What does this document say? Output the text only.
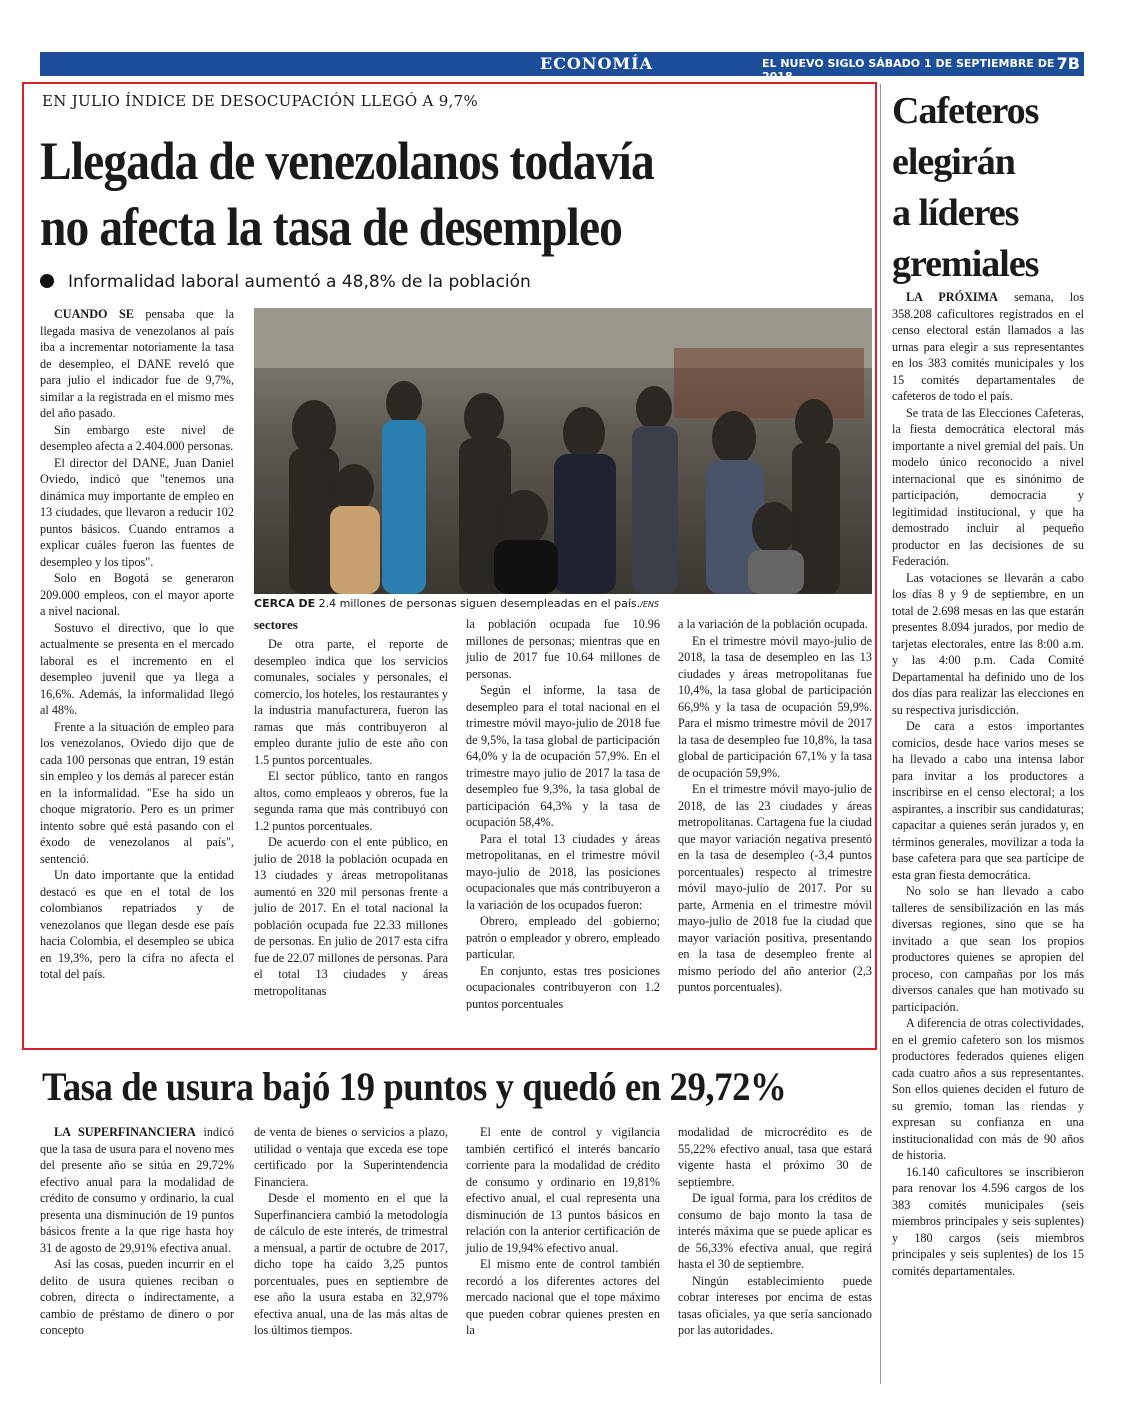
ECONOMÍA	EL NUEVO SIGLO SÁBADO 1 DE SEPTIEMBRE DE 2018
7B
EN JULIO ÍNDICE DE DESOCUPACIÓN LLEGÓ A 9,7%
Llegada de venezolanos todavía
no afecta la tasa de desempleo
Informalidad laboral aumentó a 48,8% de la población

CUANDO SE pensaba que la llegada masiva de venezolanos al país iba a incrementar notoriamente la tasa de desempleo, el DANE reveló que para julio el indicador fue de 9,7%, similar a la registrada en el mismo mes del año pasado.

Sin embargo este nivel de desempleo afecta a 2.404.000 personas.

El director del DANE, Juan Daniel Oviedo, indicó que "tenemos una dinámica muy importante de empleo en 13 ciudades, que llevaron a reducir 102 puntos básicos. Cuando entramos a explicar cuáles fueron las fuentes de desempleo y los tipos".

Solo en Bogotá se generaron 209.000 empleos, con el mayor aporte a nivel nacional.

Sostuvo el directivo, que lo que actualmente se presenta en el mercado laboral es el incremento en el desempleo juvenil que ya llega a 16,6%. Además, la informalidad llegó al 48%.

Frente a la situación de empleo para los venezolanos, Oviedo dijo que de cada 100 personas que entran, 19 están sin empleo y los demás al parecer están en la informalidad. "Ese ha sido un choque migratorio. Pero es un primer intento sobre qué está pasando con el éxodo de venezolanos al país", sentenció.

Un dato importante que la entidad destacó es que en el total de los colombianos repatriados y de venezolanos que llegan desde ese país hacia Colombia, el desempleo se ubica en 19,3%, pero la cifra no afecta el total del país.

CERCA DE 2.4 millones de personas siguen desempleadas en el país./ENS
sectores

De otra parte, el reporte de desempleo indica que los servicios comunales, sociales y personales, el comercio, los hoteles, los restaurantes y la industria manufacturera, fueron las ramas que más contribuyeron al empleo durante julio de este año con 1.5 puntos porcentuales.

El sector público, tanto en rangos altos, como empleaos y obreros, fue la segunda rama que más contribuyó con 1.2 puntos porcentuales.

De acuerdo con el ente público, en julio de 2018 la población ocupada en 13 ciudades y áreas metropolitanas aumentó en 320 mil personas frente a julio de 2017. En el total nacional la población ocupada fue 22.33 millones de personas. En julio de 2017 esta cifra fue de 22.07 millones de personas. Para el total 13 ciudades y áreas metropolitanas

la población ocupada fue 10.96 millones de personas; mientras que en julio de 2017 fue 10.64 millones de personas.

Según el informe, la tasa de desempleo para el total nacional en el trimestre móvil mayo-julio de 2018 fue de 9,5%, la tasa global de participación 64,0% y la de ocupación 57,9%. En el trimestre mayo julio de 2017 la tasa de desempleo fue 9,3%, la tasa global de participación 64,3% y la tasa de ocupación 58,4%.

Para el total 13 ciudades y áreas metropolitanas, en el trimestre móvil mayo-julio de 2018, las posiciones ocupacionales que más contribuyeron a la variación de los ocupados fueron:

Obrero, empleado del gobierno; patrón o empleador y obrero, empleado particular.

En conjunto, estas tres posiciones ocupacionales contribuyeron con 1.2 puntos porcentuales

a la variación de la población ocupada.

En el trimestre móvil mayo-julio de 2018, la tasa de desempleo en las 13 ciudades y áreas metropolitanas fue 10,4%, la tasa global de participación 66,9% y la tasa de ocupación 59,9%. Para el mismo trimestre móvil de 2017 la tasa de desempleo fue 10,8%, la tasa global de participación 67,1% y la tasa de ocupación 59,9%.

En el trimestre móvil mayo-julio de 2018, de las 23 ciudades y áreas metropolitanas. Cartagena fue la ciudad que mayor variación negativa presentó en la tasa de desempleo (-3,4 puntos porcentuales) respecto al trimestre móvil mayo-julio de 2017. Por su parte, Armenia en el trimestre móvil mayo-julio de 2018 fue la ciudad que mayor variación positiva, presentando en la tasa de desempleo frente al mismo período del año anterior (2,3 puntos porcentuales).

Tasa de usura bajó 19 puntos y quedó en 29,72%

LA SUPERFINANCIERA indicó que la tasa de usura para el noveno mes del presente año se sitúa en 29,72% efectivo anual para la modalidad de crédito de consumo y ordinario, la cual presenta una disminución de 19 puntos básicos frente a la que rige hasta hoy 31 de agosto de 29,91% efectiva anual.

Así las cosas, pueden incurrir en el delito de usura quienes reciban o cobren, directa o indirectamente, a cambio de préstamo de dinero o por concepto

de venta de bienes o servicios a plazo, utilidad o ventaja que exceda ese tope certificado por la Superintendencia Financiera.

Desde el momento en el que la Superfinanciera cambió la metodología de cálculo de este interés, de trimestral a mensual, a partir de octubre de 2017, dicho tope ha caído 3,25 puntos porcentuales, pues en septiembre de ese año la usura estaba en 32,97% efectiva anual, una de las más altas de los últimos tiempos.

El ente de control y vigilancia también certificó el interés bancario corriente para la modalidad de crédito de consumo y ordinario en 19,81% efectivo anual, el cual representa una disminución de 13 puntos básicos en relación con la anterior certificación de julio de 19,94% efectivo anual.

El mismo ente de control también recordó a los diferentes actores del mercado nacional que el tope máximo que pueden cobrar quienes presten en la

modalidad de microcrédito es de 55,22% efectivo anual, tasa que estará vigente hasta el próximo 30 de septiembre.

De igual forma, para los créditos de consumo de bajo monto la tasa de interés máxima que se puede aplicar es de 56,33% efectiva anual, que regirá hasta el 30 de septiembre.

Ningún establecimiento puede cobrar intereses por encima de estas tasas oficiales, ya que sería sancionado por las autoridades.

Cafeteros
elegirán
a líderes
gremiales

LA PRÓXIMA semana, los 358.208 caficultores registrados en el censo electoral están llamados a las urnas para elegir a sus representantes en los 383 comités municipales y los 15 comités departamentales de cafeteros de todo el país.

Se trata de las Elecciones Cafeteras, la fiesta democrática electoral más importante a nivel gremial del país. Un modelo único reconocido a nivel internacional que es sinónimo de participación, democracia y legitimidad institucional, y que ha demostrado incluir al pequeño productor en las decisiones de su Federación.

Las votaciones se llevarán a cabo los días 8 y 9 de septiembre, en un total de 2.698 mesas en las que estarán presentes 8.094 jurados, por medio de tarjetas electorales, entre las 8:00 a.m. y las 4:00 p.m. Cada Comité Departamental ha definido uno de los dos días para realizar las elecciones en su respectiva jurisdicción.

De cara a estos importantes comicios, desde hace varios meses se ha llevado a cabo una intensa labor para invitar a los productores a inscribirse en el censo electoral; a los aspirantes, a inscribir sus candidaturas; capacitar a quienes serán jurados y, en términos generales, movilizar a toda la base cafetera para que sea partícipe de esta gran fiesta democrática.

No solo se han llevado a cabo talleres de sensibilización en las más diversas regiones, sino que se ha invitado a que sean los propios productores quienes se apropien del proceso, con campañas por los más diversos canales que han motivado su participación.

A diferencia de otras colectividades, en el gremio cafetero son los mismos productores federados quienes eligen cada cuatro años a sus representantes. Son ellos quienes deciden el futuro de su gremio, toman las riendas y expresan su confianza en una institucionalidad con más de 90 años de historia.

16.140 caficultores se inscribieron para renovar los 4.596 cargos de los 383 comités municipales (seis miembros principales y seis suplentes) y 180 cargos (seis miembros principales y seis suplentes) de los 15 comités departamentales.
